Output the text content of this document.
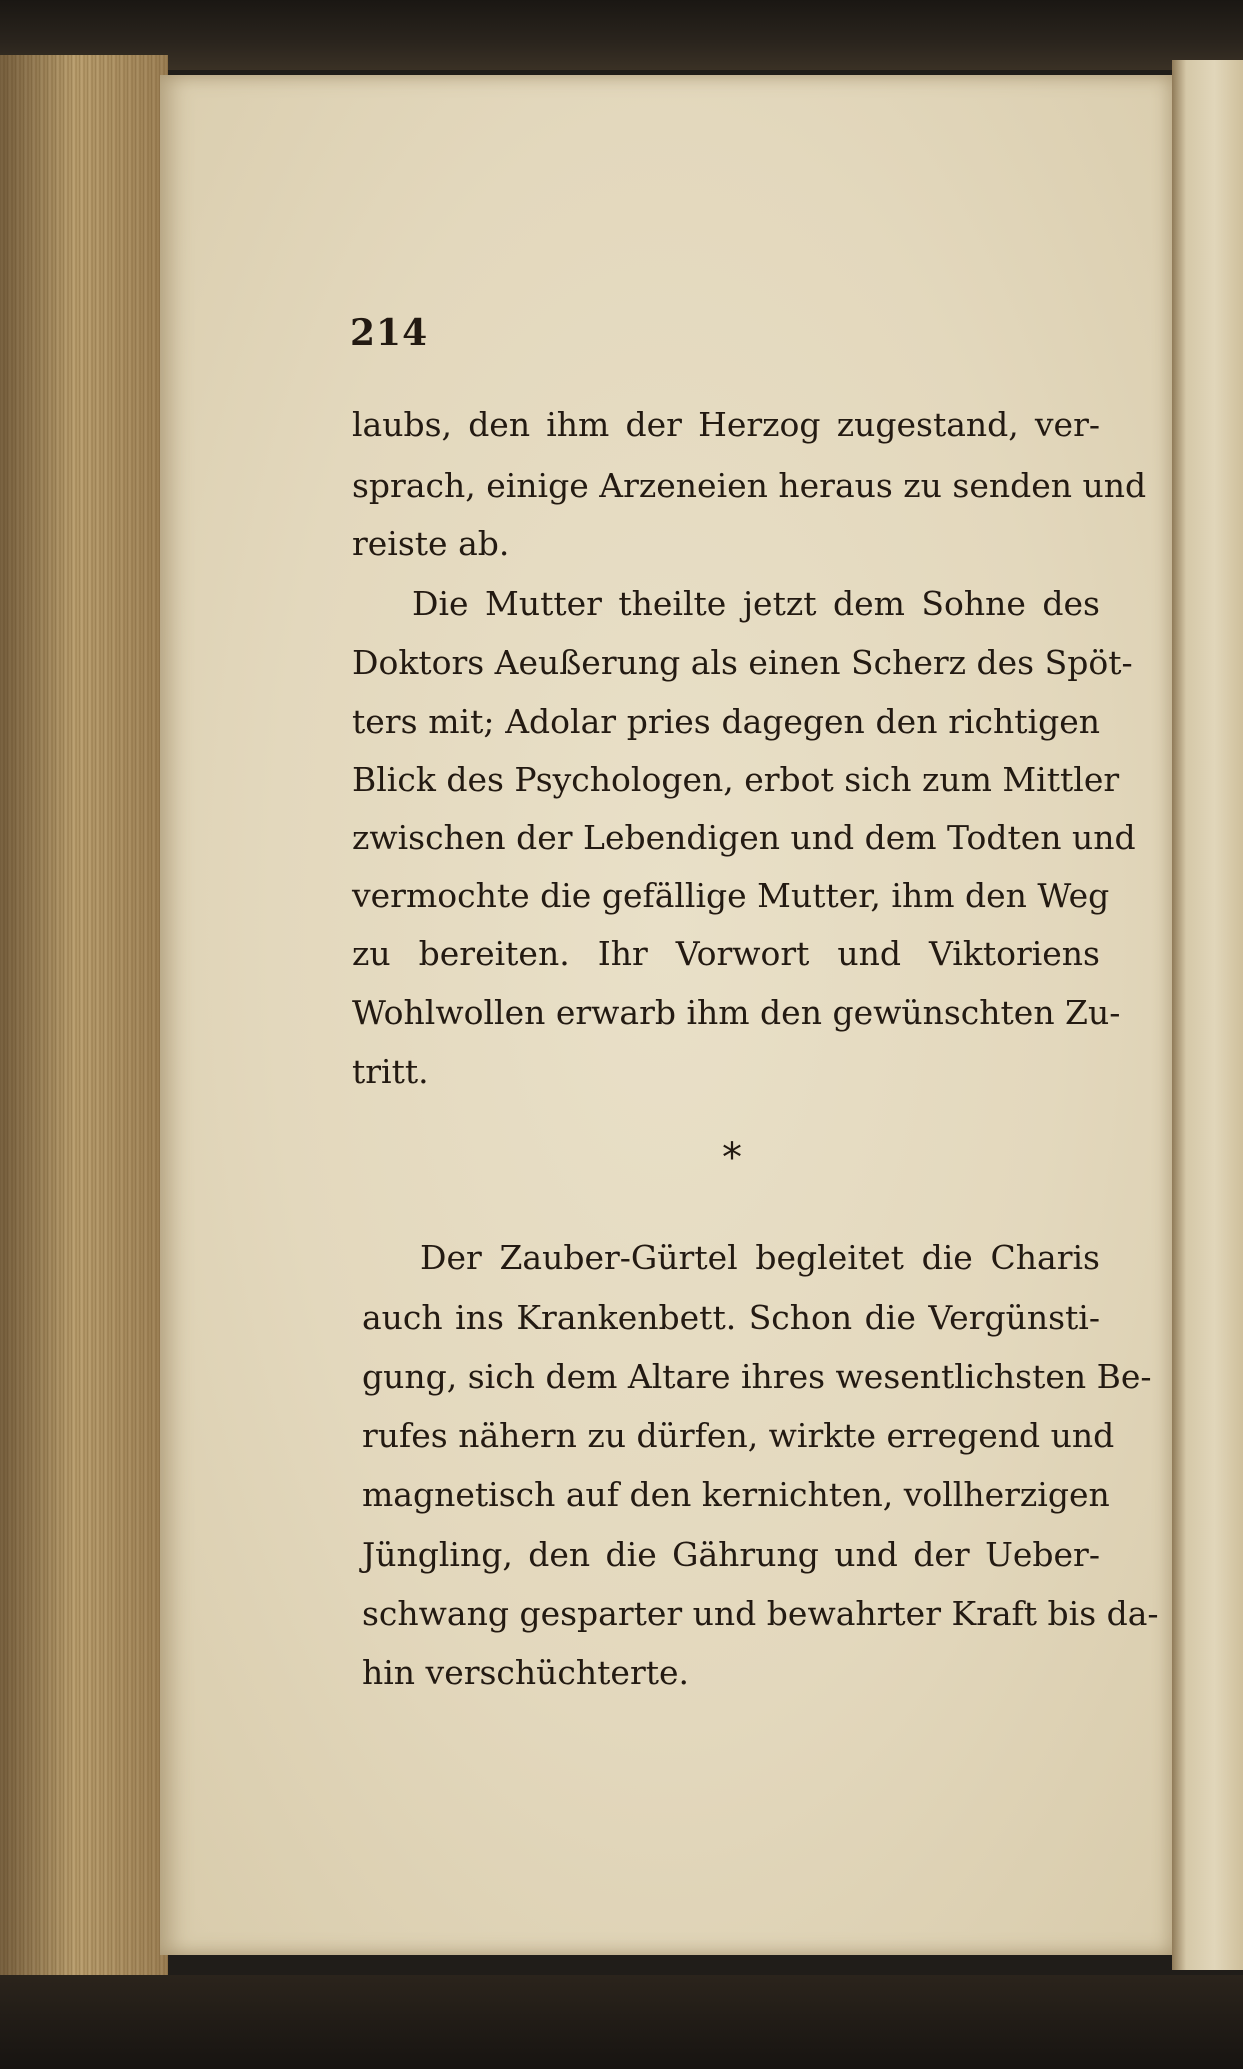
214
laubs, den ihm der Herzog zugestand, ver-
sprach, einige Arzeneien heraus zu senden und
reiste ab.
Die Mutter theilte jetzt dem Sohne des
Doktors Aeußerung als einen Scherz des Spöt-
ters mit; Adolar pries dagegen den richtigen
Blick des Psychologen, erbot sich zum Mittler
zwischen der Lebendigen und dem Todten und
vermochte die gefällige Mutter, ihm den Weg
zu bereiten. Ihr Vorwort und Viktoriens
Wohlwollen erwarb ihm den gewünschten Zu-
tritt.
*
Der Zauber-Gürtel begleitet die Charis
auch ins Krankenbett. Schon die Vergünsti-
gung, sich dem Altare ihres wesentlichsten Be-
rufes nähern zu dürfen, wirkte erregend und
magnetisch auf den kernichten, vollherzigen
Jüngling, den die Gährung und der Ueber-
schwang gesparter und bewahrter Kraft bis da-
hin verschüchterte.
